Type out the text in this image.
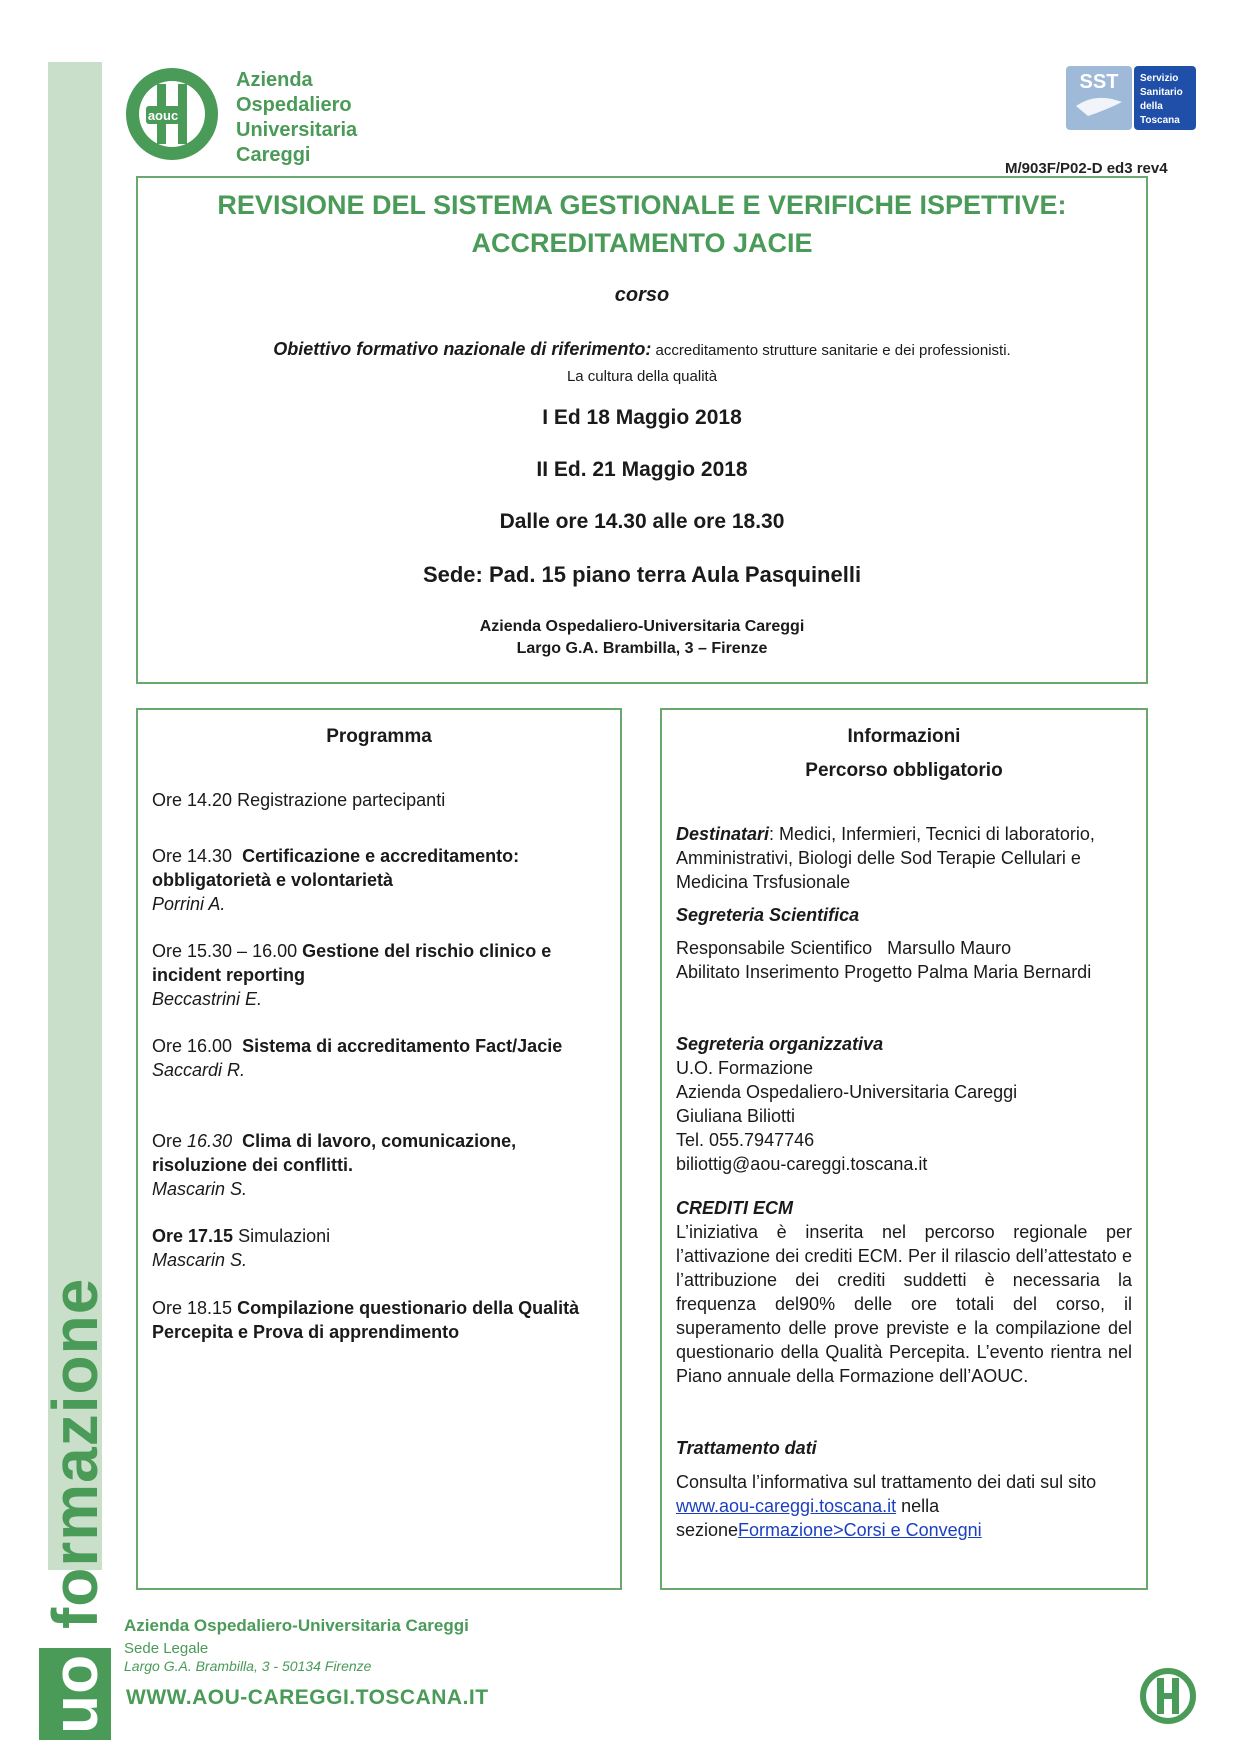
uo formazione
aouc
Azienda
Ospedaliero
Universitaria
Careggi
SST Servizio
Sanitario
della
Toscana
M/903F/P02-D ed3 rev4
REVISIONE DEL SISTEMA GESTIONALE E VERIFICHE ISPETTIVE:
ACCREDITAMENTO JACIE
corso
Obiettivo formativo nazionale di riferimento: accreditamento strutture sanitarie e dei professionisti.
La cultura della qualità
I Ed 18 Maggio 2018
II Ed. 21 Maggio 2018
Dalle ore 14.30 alle ore 18.30
Sede: Pad. 15 piano terra Aula Pasquinelli
Azienda Ospedaliero-Universitaria Careggi
Largo G.A. Brambilla, 3 – Firenze
Programma
Ore 14.20 Registrazione partecipanti
Ore 14.30 Certificazione e accreditamento: obbligatorietà e volontarietà
Porrini A.
Ore 15.30 – 16.00 Gestione del rischio clinico e incident reporting
Beccastrini E.
Ore 16.00 Sistema di accreditamento Fact/Jacie
Saccardi R.
Ore 16.30 Clima di lavoro, comunicazione, risoluzione dei conflitti.
Mascarin S.
Ore 17.15 Simulazioni
Mascarin S.
Ore 18.15 Compilazione questionario della Qualità Percepita e Prova di apprendimento
Informazioni
Percorso obbligatorio
Destinatari: Medici, Infermieri, Tecnici di laboratorio, Amministrativi, Biologi delle Sod Terapie Cellulari e Medicina Trsfusionale
Segreteria Scientifica
Responsabile Scientifico   Marsullo Mauro
Abilitato Inserimento Progetto Palma Maria Bernardi
Segreteria organizzativa
U.O. Formazione
Azienda Ospedaliero-Universitaria Careggi
Giuliana Biliotti
Tel. 055.7947746
biliottig@aou-careggi.toscana.it
CREDITI ECM
L’iniziativa è inserita nel percorso regionale per l’attivazione dei crediti ECM. Per il rilascio dell’attestato e l’attribuzione dei crediti suddetti è necessaria la frequenza del90% delle ore totali del corso, il superamento delle prove previste e la compilazione del questionario della Qualità Percepita. L’evento rientra nel Piano annuale della Formazione dell’AOUC.
Trattamento dati
Consulta l’informativa sul trattamento dei dati sul sito www.aou-careggi.toscana.it nella sezioneFormazione>Corsi e Convegni
Azienda Ospedaliero-Universitaria Careggi
Sede Legale
Largo G.A. Brambilla, 3 - 50134 Firenze
WWW.AOU-CAREGGI.TOSCANA.IT
